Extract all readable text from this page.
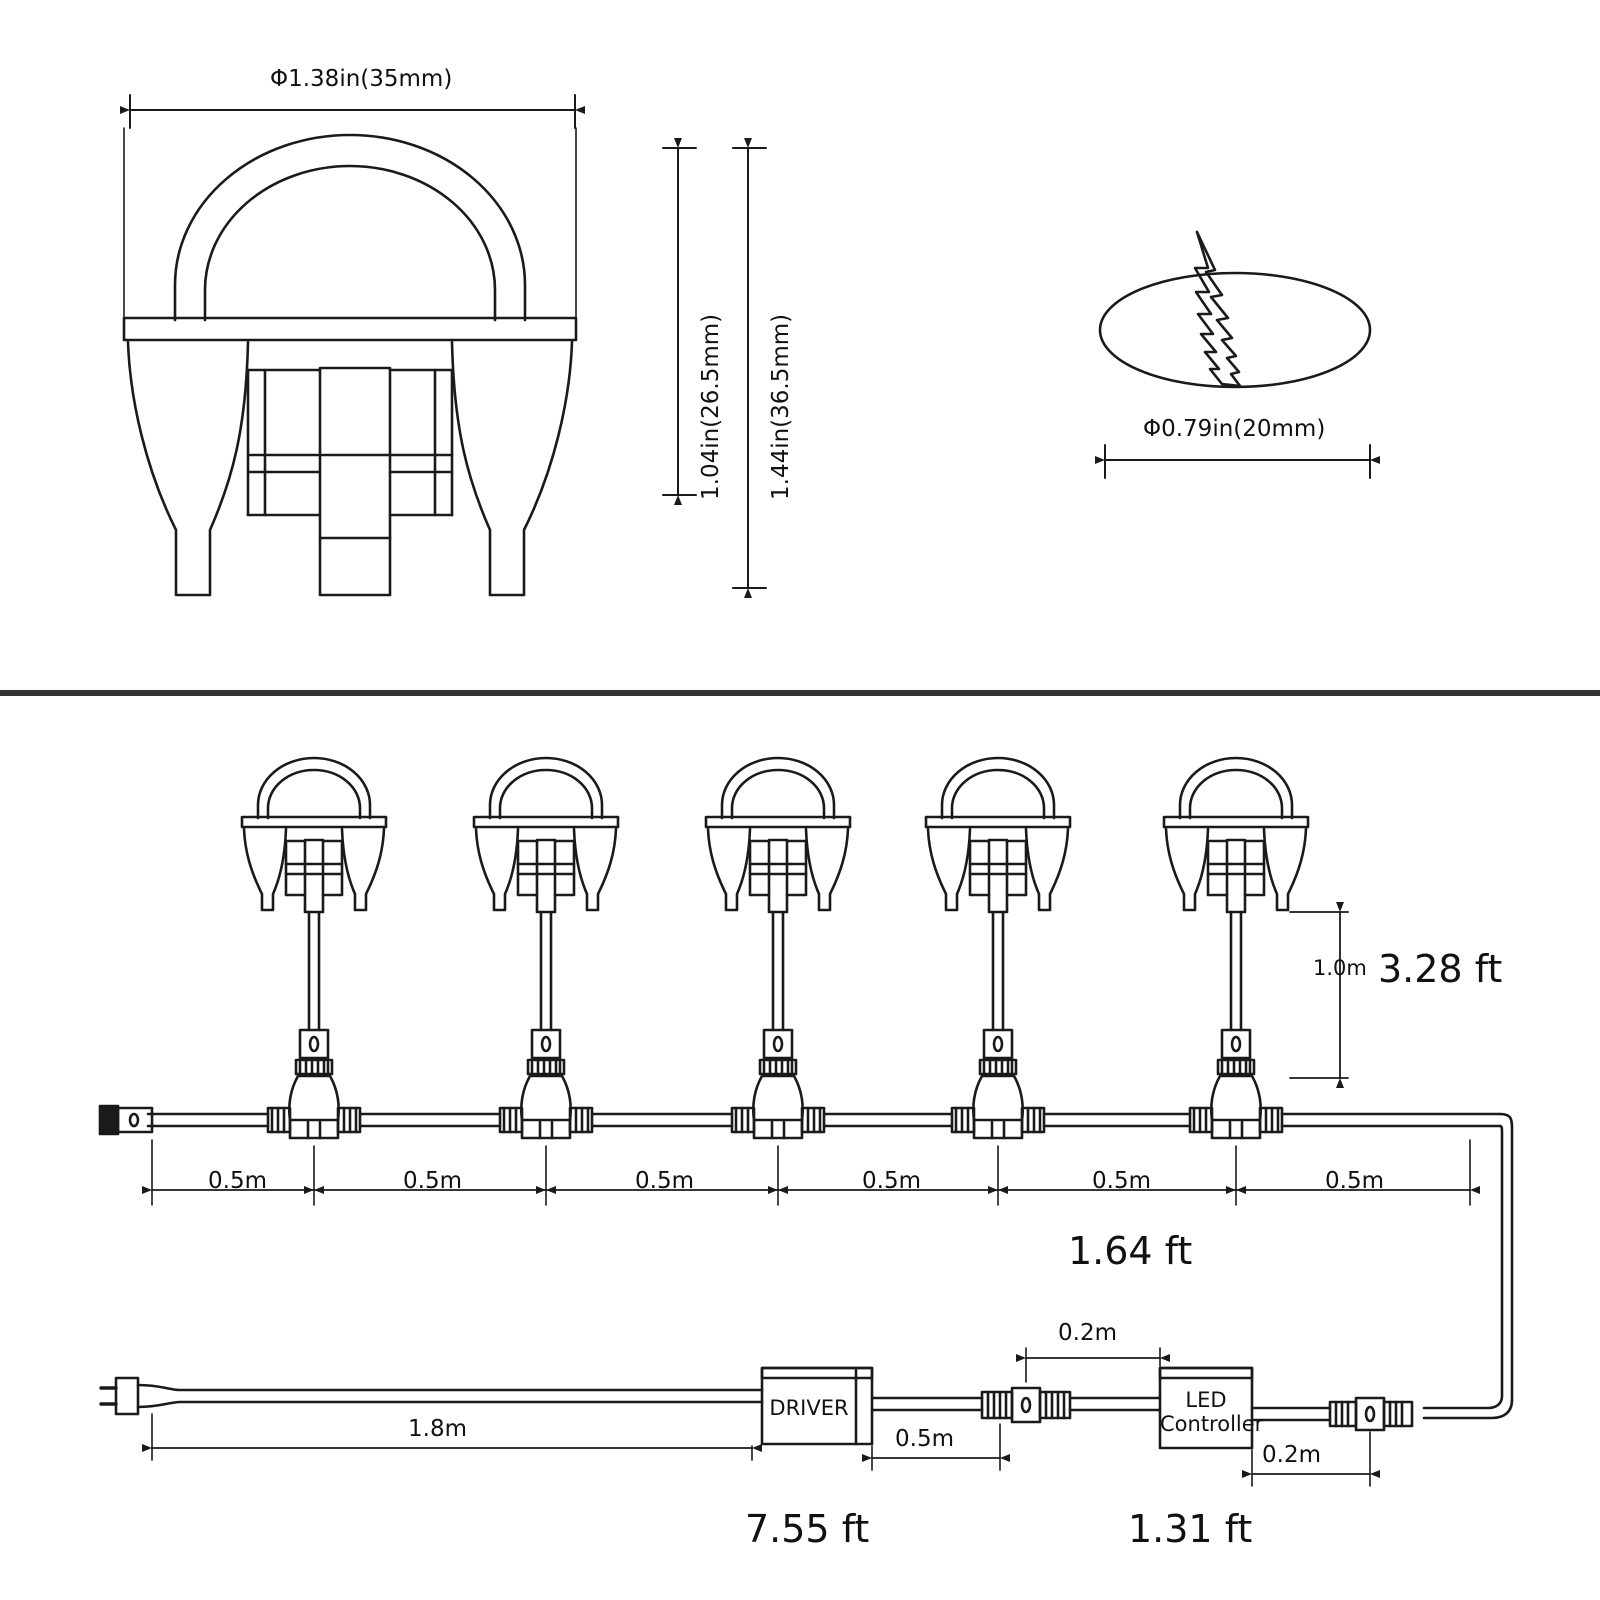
Φ1.38in(35mm)
1.04in(26.5mm) 1.44in(36.5mm)	Φ0.79in(20mm)
0.5m	0.5m	0.5m	0.5m	0.5m	0.5m
1.0m 3.28 ft
1.64 ft
DRIVER	LED
Controller
1.8m	0.5m
0.2m
0.2m
7.55 ft	1.31 ft
